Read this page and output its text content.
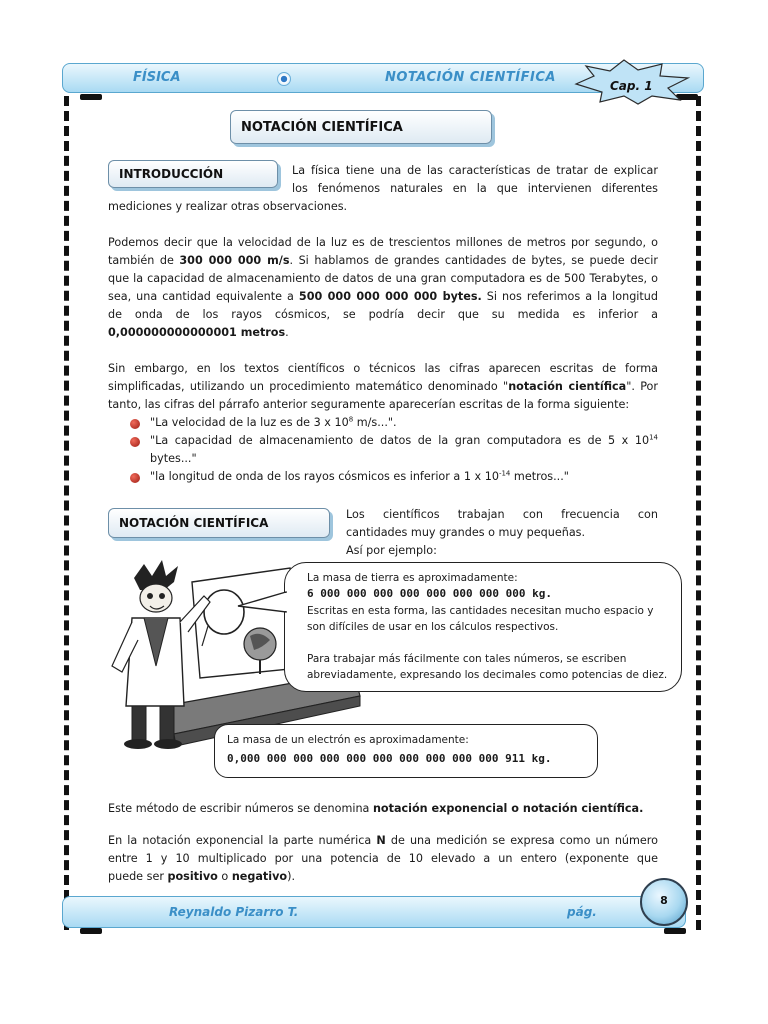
FÍSICA	NOTACIÓN CIENTÍFICA
Cap. 1
NOTACIÓN CIENTÍFICA
INTRODUCCIÓN	La física tiene una de las características de tratar de explicar
los fenómenos naturales en la que intervienen diferentes
mediciones y realizar otras observaciones.
Podemos decir que la velocidad de la luz es de trescientos millones de metros por segundo, o
también de 300 000 000 m/s. Si hablamos de grandes cantidades de bytes, se puede decir
que la capacidad de almacenamiento de datos de una gran computadora es de 500 Terabytes, o
sea, una cantidad equivalente a 500 000 000 000 000 bytes. Si nos referimos a la longitud
de onda de los rayos cósmicos, se podría decir que su medida es inferior a
0,000000000000001 metros.
Sin embargo, en los textos científicos o técnicos las cifras aparecen escritas de forma
simplificadas, utilizando un procedimiento matemático denominado "notación científica". Por
tanto, las cifras del párrafo anterior seguramente aparecerían escritas de la forma siguiente:
"La velocidad de la luz es de 3 x $10^8$ m/s...".
"La capacidad de almacenamiento de datos de la gran computadora es de 5 x $10^{14}$
bytes..."
"la longitud de onda de los rayos cósmicos es inferior a 1 x $10^{-14}$ metros..."
NOTACIÓN CIENTÍFICA
Los científicos trabajan con frecuencia con
cantidades muy grandes o muy pequeñas.
Así por ejemplo:
La masa de tierra es aproximadamente:
6 000 000 000 000 000 000 000 000 kg.
Escritas en esta forma, las cantidades necesitan mucho espacio y
son difíciles de usar en los cálculos respectivos.
Para trabajar más fácilmente con tales números, se escriben
abreviadamente, expresando los decimales como potencias de diez.
La masa de un electrón es aproximadamente:
0,000 000 000 000 000 000 000 000 000 000 911 kg.
Este método de escribir números se denomina notación exponencial o notación científica.
En la notación exponencial la parte numérica N de una medición se expresa como un número
entre 1 y 10 multiplicado por una potencia de 10 elevado a un entero (exponente que
puede ser positivo o negativo).
Reynaldo Pizarro T.	pág.
8
